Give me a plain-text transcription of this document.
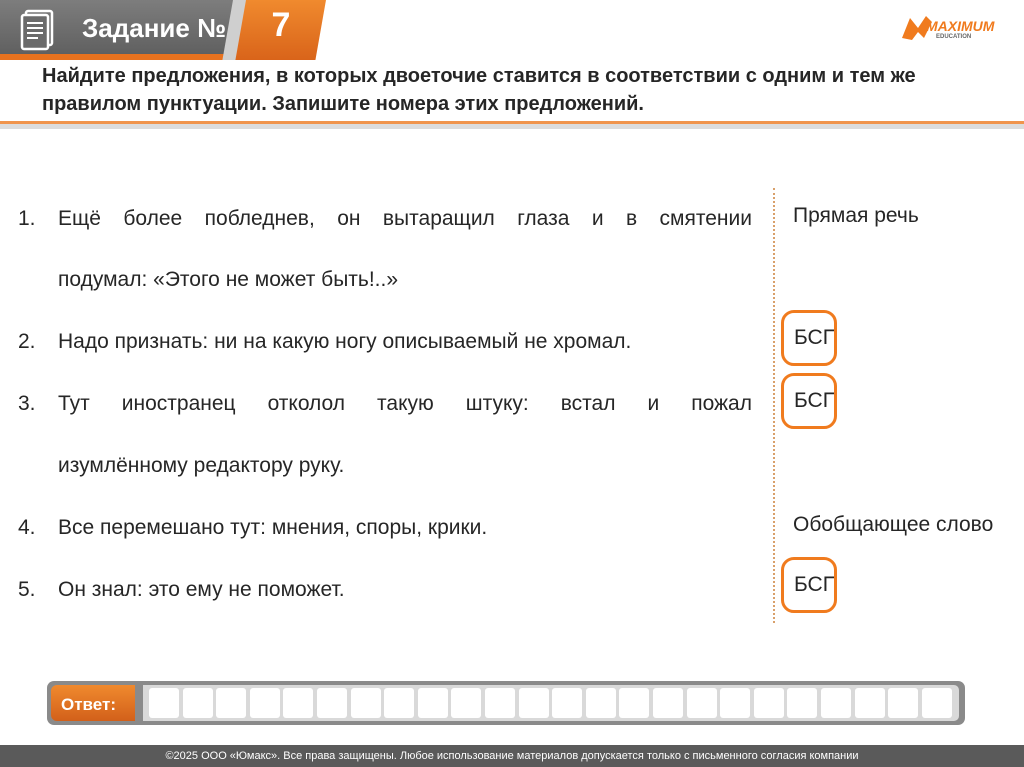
Задание №	7	MAXIMUM
EDUCATION
Найдите предложения, в которых двоеточие ставится в соответствии с одним и тем же правилом пунктуации. Запишите номера этих предложений.
1.	Ещё более побледнев, он вытаращил глаза и в смятении
подумал: «Этого не может быть!..»
2.	Надо признать: ни на какую ногу описываемый не хромал.
3.	Тут иностранец отколол такую штуку: встал и пожал
изумлённому редактору руку.
4.	Все перемешано тут: мнения, споры, крики.
5.	Он знал: это ему не поможет.
Прямая речь
БСП
БСП
Обобщающее слово
БСП
Ответ:
©2025 ООО «Юмакс». Все права защищены. Любое использование материалов допускается только с письменного согласия компании
